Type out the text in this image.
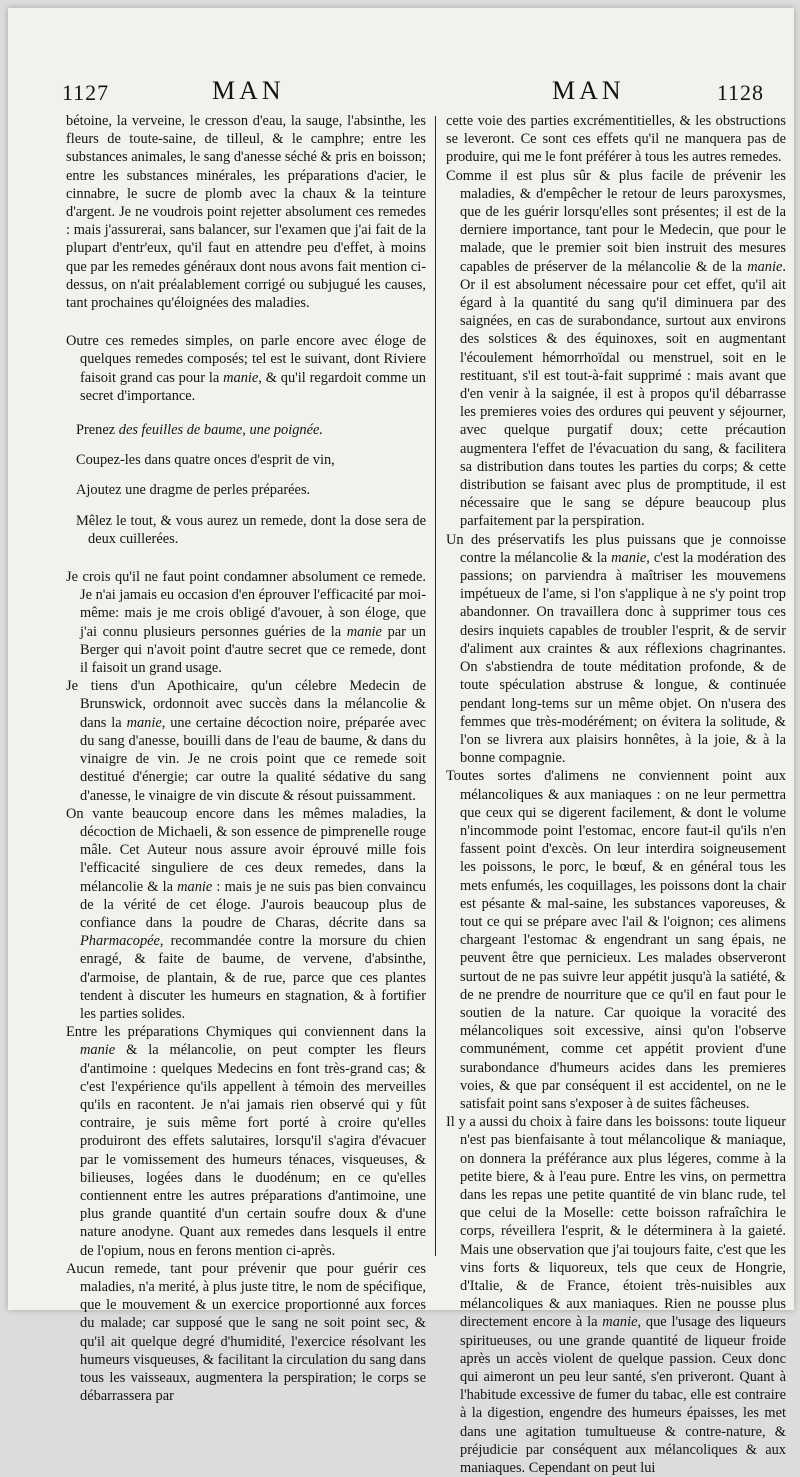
1127	MAN	MAN	1128

bétoine, la verveine, le cresson d'eau, la sauge, l'absinthe, les fleurs de toute-saine, de tilleul, & le camphre; entre les substances animales, le sang d'anesse séché & pris en boisson; entre les substances minérales, les préparations d'acier, le cinnabre, le sucre de plomb avec la chaux & la teinture d'argent. Je ne voudrois point rejetter absolument ces remedes : mais j'assurerai, sans balancer, sur l'examen que j'ai fait de la plupart d'entr'eux, qu'il faut en attendre peu d'effet, à moins que par les remedes généraux dont nous avons fait mention ci-dessus, on n'ait préalablement corrigé ou subjugué les causes, tant prochaines qu'éloignées des maladies.

Outre ces remedes simples, on parle encore avec éloge de quelques remedes composés; tel est le suivant, dont Riviere faisoit grand cas pour la manie, & qu'il regardoit comme un secret d'importance.

Prenez des feuilles de baume, une poignée.

Coupez-les dans quatre onces d'esprit de vin,

Ajoutez une dragme de perles préparées.

Mêlez le tout, & vous aurez un remede, dont la dose sera de deux cuillerées.

Je crois qu'il ne faut point condamner absolument ce remede. Je n'ai jamais eu occasion d'en éprouver l'efficacité par moi-même: mais je me crois obligé d'avouer, à son éloge, que j'ai connu plusieurs personnes guéries de la manie par un Berger qui n'avoit point d'autre secret que ce remede, dont il faisoit un grand usage.

Je tiens d'un Apothicaire, qu'un célebre Medecin de Brunswick, ordonnoit avec succès dans la mélancolie & dans la manie, une certaine décoction noire, préparée avec du sang d'anesse, bouilli dans de l'eau de baume, & dans du vinaigre de vin. Je ne crois point que ce remede soit destitué d'énergie; car outre la qualité sédative du sang d'anesse, le vinaigre de vin discute & résout puissamment.

On vante beaucoup encore dans les mêmes maladies, la décoction de Michaeli, & son essence de pimprenelle rouge mâle. Cet Auteur nous assure avoir éprouvé mille fois l'efficacité singuliere de ces deux remedes, dans la mélancolie & la manie : mais je ne suis pas bien convaincu de la vérité de cet éloge. J'aurois beaucoup plus de confiance dans la poudre de Charas, décrite dans sa Pharmacopée, recommandée contre la morsure du chien enragé, & faite de baume, de vervene, d'absinthe, d'armoise, de plantain, & de rue, parce que ces plantes tendent à discuter les humeurs en stagnation, & à fortifier les parties solides.

Entre les préparations Chymiques qui conviennent dans la manie & la mélancolie, on peut compter les fleurs d'antimoine : quelques Medecins en font très-grand cas; & c'est l'expérience qu'ils appellent à témoin des merveilles qu'ils en racontent. Je n'ai jamais rien observé qui y fût contraire, je suis même fort porté à croire qu'elles produiront des effets salutaires, lorsqu'il s'agira d'évacuer par le vomissement des humeurs ténaces, visqueuses, & bilieuses, logées dans le duodénum; en ce qu'elles contiennent entre les autres préparations d'antimoine, une plus grande quantité d'un certain soufre doux & d'une nature anodyne. Quant aux remedes dans lesquels il entre de l'opium, nous en ferons mention ci-après.

Aucun remede, tant pour prévenir que pour guérir ces maladies, n'a merité, à plus juste titre, le nom de spécifique, que le mouvement & un exercice proportionné aux forces du malade; car supposé que le sang ne soit point sec, & qu'il ait quelque degré d'humidité, l'exercice résolvant les humeurs visqueuses, & facilitant la circulation du sang dans tous les vaisseaux, augmentera la perspiration; le corps se débarrassera par

cette voie des parties excrémentitielles, & les obstructions se leveront. Ce sont ces effets qu'il ne manquera pas de produire, qui me le font préférer à tous les autres remedes.

Comme il est plus sûr & plus facile de prévenir les maladies, & d'empêcher le retour de leurs paroxysmes, que de les guérir lorsqu'elles sont présentes; il est de la derniere importance, tant pour le Medecin, que pour le malade, que le premier soit bien instruit des mesures capables de préserver de la mélancolie & de la manie. Or il est absolument nécessaire pour cet effet, qu'il ait égard à la quantité du sang qu'il diminuera par des saignées, en cas de surabondance, surtout aux environs des solstices & des équinoxes, soit en augmentant l'écoulement hémorrhoïdal ou menstruel, soit en le restituant, s'il est tout-à-fait supprimé : mais avant que d'en venir à la saignée, il est à propos qu'il débarrasse les premieres voies des ordures qui peuvent y séjourner, avec quelque purgatif doux; cette précaution augmentera l'effet de l'évacuation du sang, & facilitera sa distribution dans toutes les parties du corps; & cette distribution se faisant avec plus de promptitude, il est nécessaire que le sang se dépure beaucoup plus parfaitement par la perspiration.

Un des préservatifs les plus puissans que je connoisse contre la mélancolie & la manie, c'est la modération des passions; on parviendra à maîtriser les mouvemens impétueux de l'ame, si l'on s'applique à ne s'y point trop abandonner. On travaillera donc à supprimer tous ces desirs inquiets capables de troubler l'esprit, & de servir d'aliment aux craintes & aux réflexions chagrinantes. On s'abstiendra de toute méditation profonde, & de toute spéculation abstruse & longue, & continuée pendant long-tems sur un même objet. On n'usera des femmes que très-modérément; on évitera la solitude, & l'on se livrera aux plaisirs honnêtes, à la joie, & à la bonne compagnie.

Toutes sortes d'alimens ne conviennent point aux mélancoliques & aux maniaques : on ne leur permettra que ceux qui se digerent facilement, & dont le volume n'incommode point l'estomac, encore faut-il qu'ils n'en fassent point d'excès. On leur interdira soigneusement les poissons, le porc, le bœuf, & en général tous les mets enfumés, les coquillages, les poissons dont la chair est pésante & mal-saine, les substances vaporeuses, & tout ce qui se prépare avec l'ail & l'oignon; ces alimens chargeant l'estomac & engendrant un sang épais, ne peuvent être que pernicieux. Les malades observeront surtout de ne pas suivre leur appétit jusqu'à la satiété, & de ne prendre de nourriture que ce qu'il en faut pour le soutien de la nature. Car quoique la voracité des mélancoliques soit excessive, ainsi qu'on l'observe communément, comme cet appétit provient d'une surabondance d'humeurs acides dans les premieres voies, & que par conséquent il est accidentel, on ne le satisfait point sans s'exposer à de suites fâcheuses.

Il y a aussi du choix à faire dans les boissons: toute liqueur n'est pas bienfaisante à tout mélancolique & maniaque, on donnera la préférance aux plus légeres, comme à la petite biere, & à l'eau pure. Entre les vins, on permettra dans les repas une petite quantité de vin blanc rude, tel que celui de la Moselle: cette boisson rafraîchira le corps, réveillera l'esprit, & le déterminera à la gaieté. Mais une observation que j'ai toujours faite, c'est que les vins forts & liquoreux, tels que ceux de Hongrie, d'Italie, & de France, étoient très-nuisibles aux mélancoliques & aux maniaques. Rien ne pousse plus directement encore à la manie, que l'usage des liqueurs spiritueuses, ou une grande quantité de liqueur froide après un accès violent de quelque passion. Ceux donc qui aimeront un peu leur santé, s'en priveront. Quant à l'habitude excessive de fumer du tabac, elle est contraire à la digestion, engendre des humeurs épaisses, les met dans une agitation tumultueuse & contre-nature, & préjudicie par conséquent aux mélancoliques & aux maniaques. Cependant on peut lui
